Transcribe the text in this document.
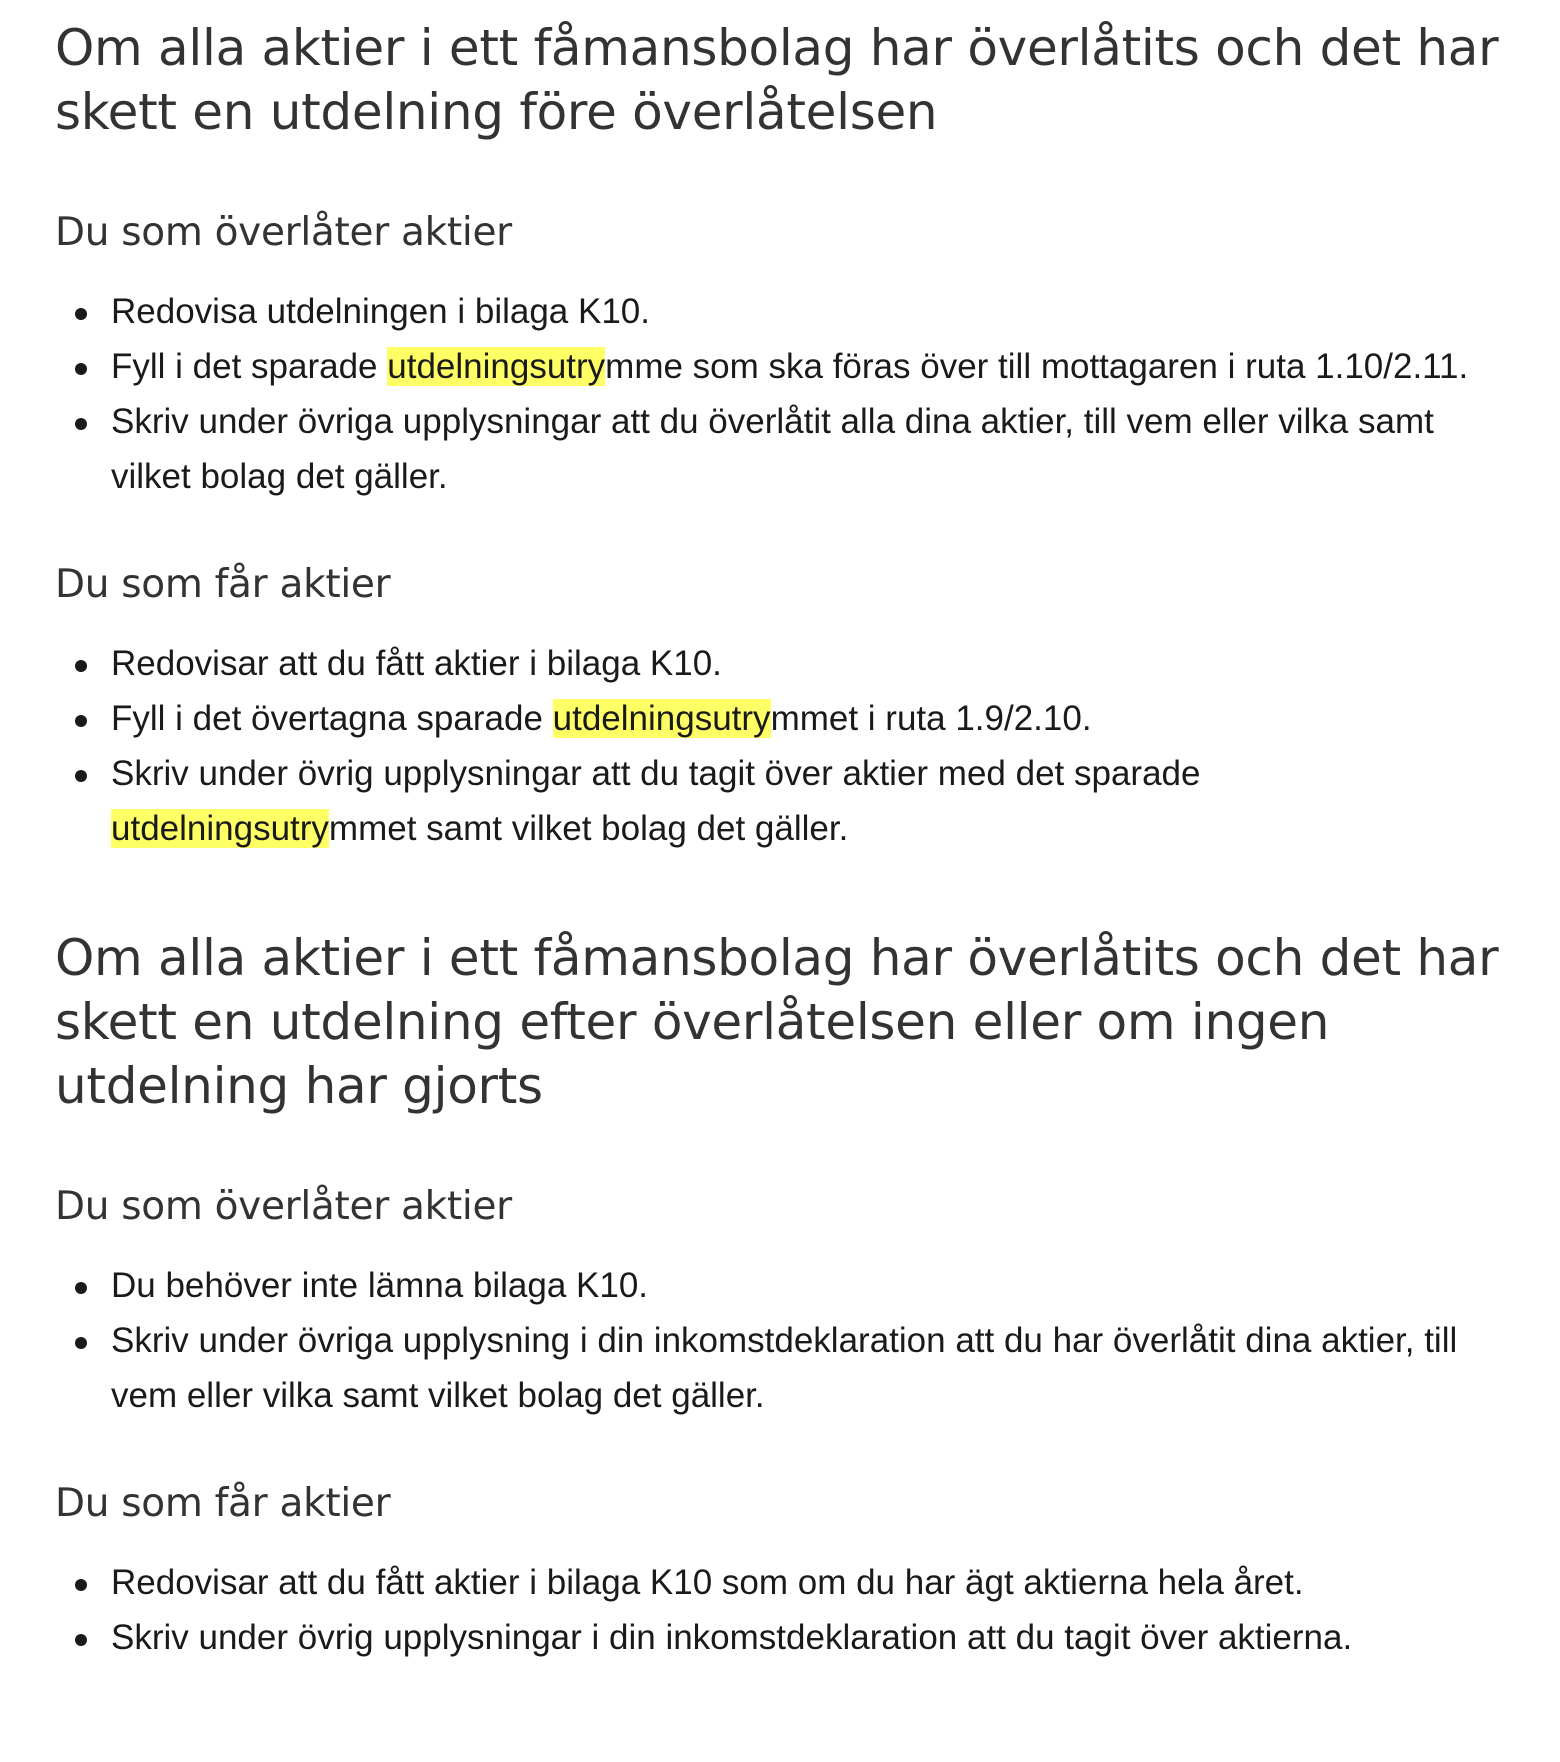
Om alla aktier i ett fåmansbolag har överlåtits och det har skett en utdelning före överlåtelsen
Du som överlåter aktier
Redovisa utdelningen i bilaga K10.
Fyll i det sparade utdelningsutrymme som ska föras över till mottagaren i ruta 1.10/2.11.
Skriv under övriga upplysningar att du överlåtit alla dina aktier, till vem eller vilka samt vilket bolag det gäller.
Du som får aktier
Redovisar att du fått aktier i bilaga K10.
Fyll i det övertagna sparade utdelningsutrymmet i ruta 1.9/2.10.
Skriv under övrig upplysningar att du tagit över aktier med det sparade utdelningsutrymmet samt vilket bolag det gäller.
Om alla aktier i ett fåmansbolag har överlåtits och det har skett en utdelning efter överlåtelsen eller om ingen utdelning har gjorts
Du som överlåter aktier
Du behöver inte lämna bilaga K10.
Skriv under övriga upplysning i din inkomstdeklaration att du har överlåtit dina aktier, till vem eller vilka samt vilket bolag det gäller.
Du som får aktier
Redovisar att du fått aktier i bilaga K10 som om du har ägt aktierna hela året.
Skriv under övrig upplysningar i din inkomstdeklaration att du tagit över aktierna.
